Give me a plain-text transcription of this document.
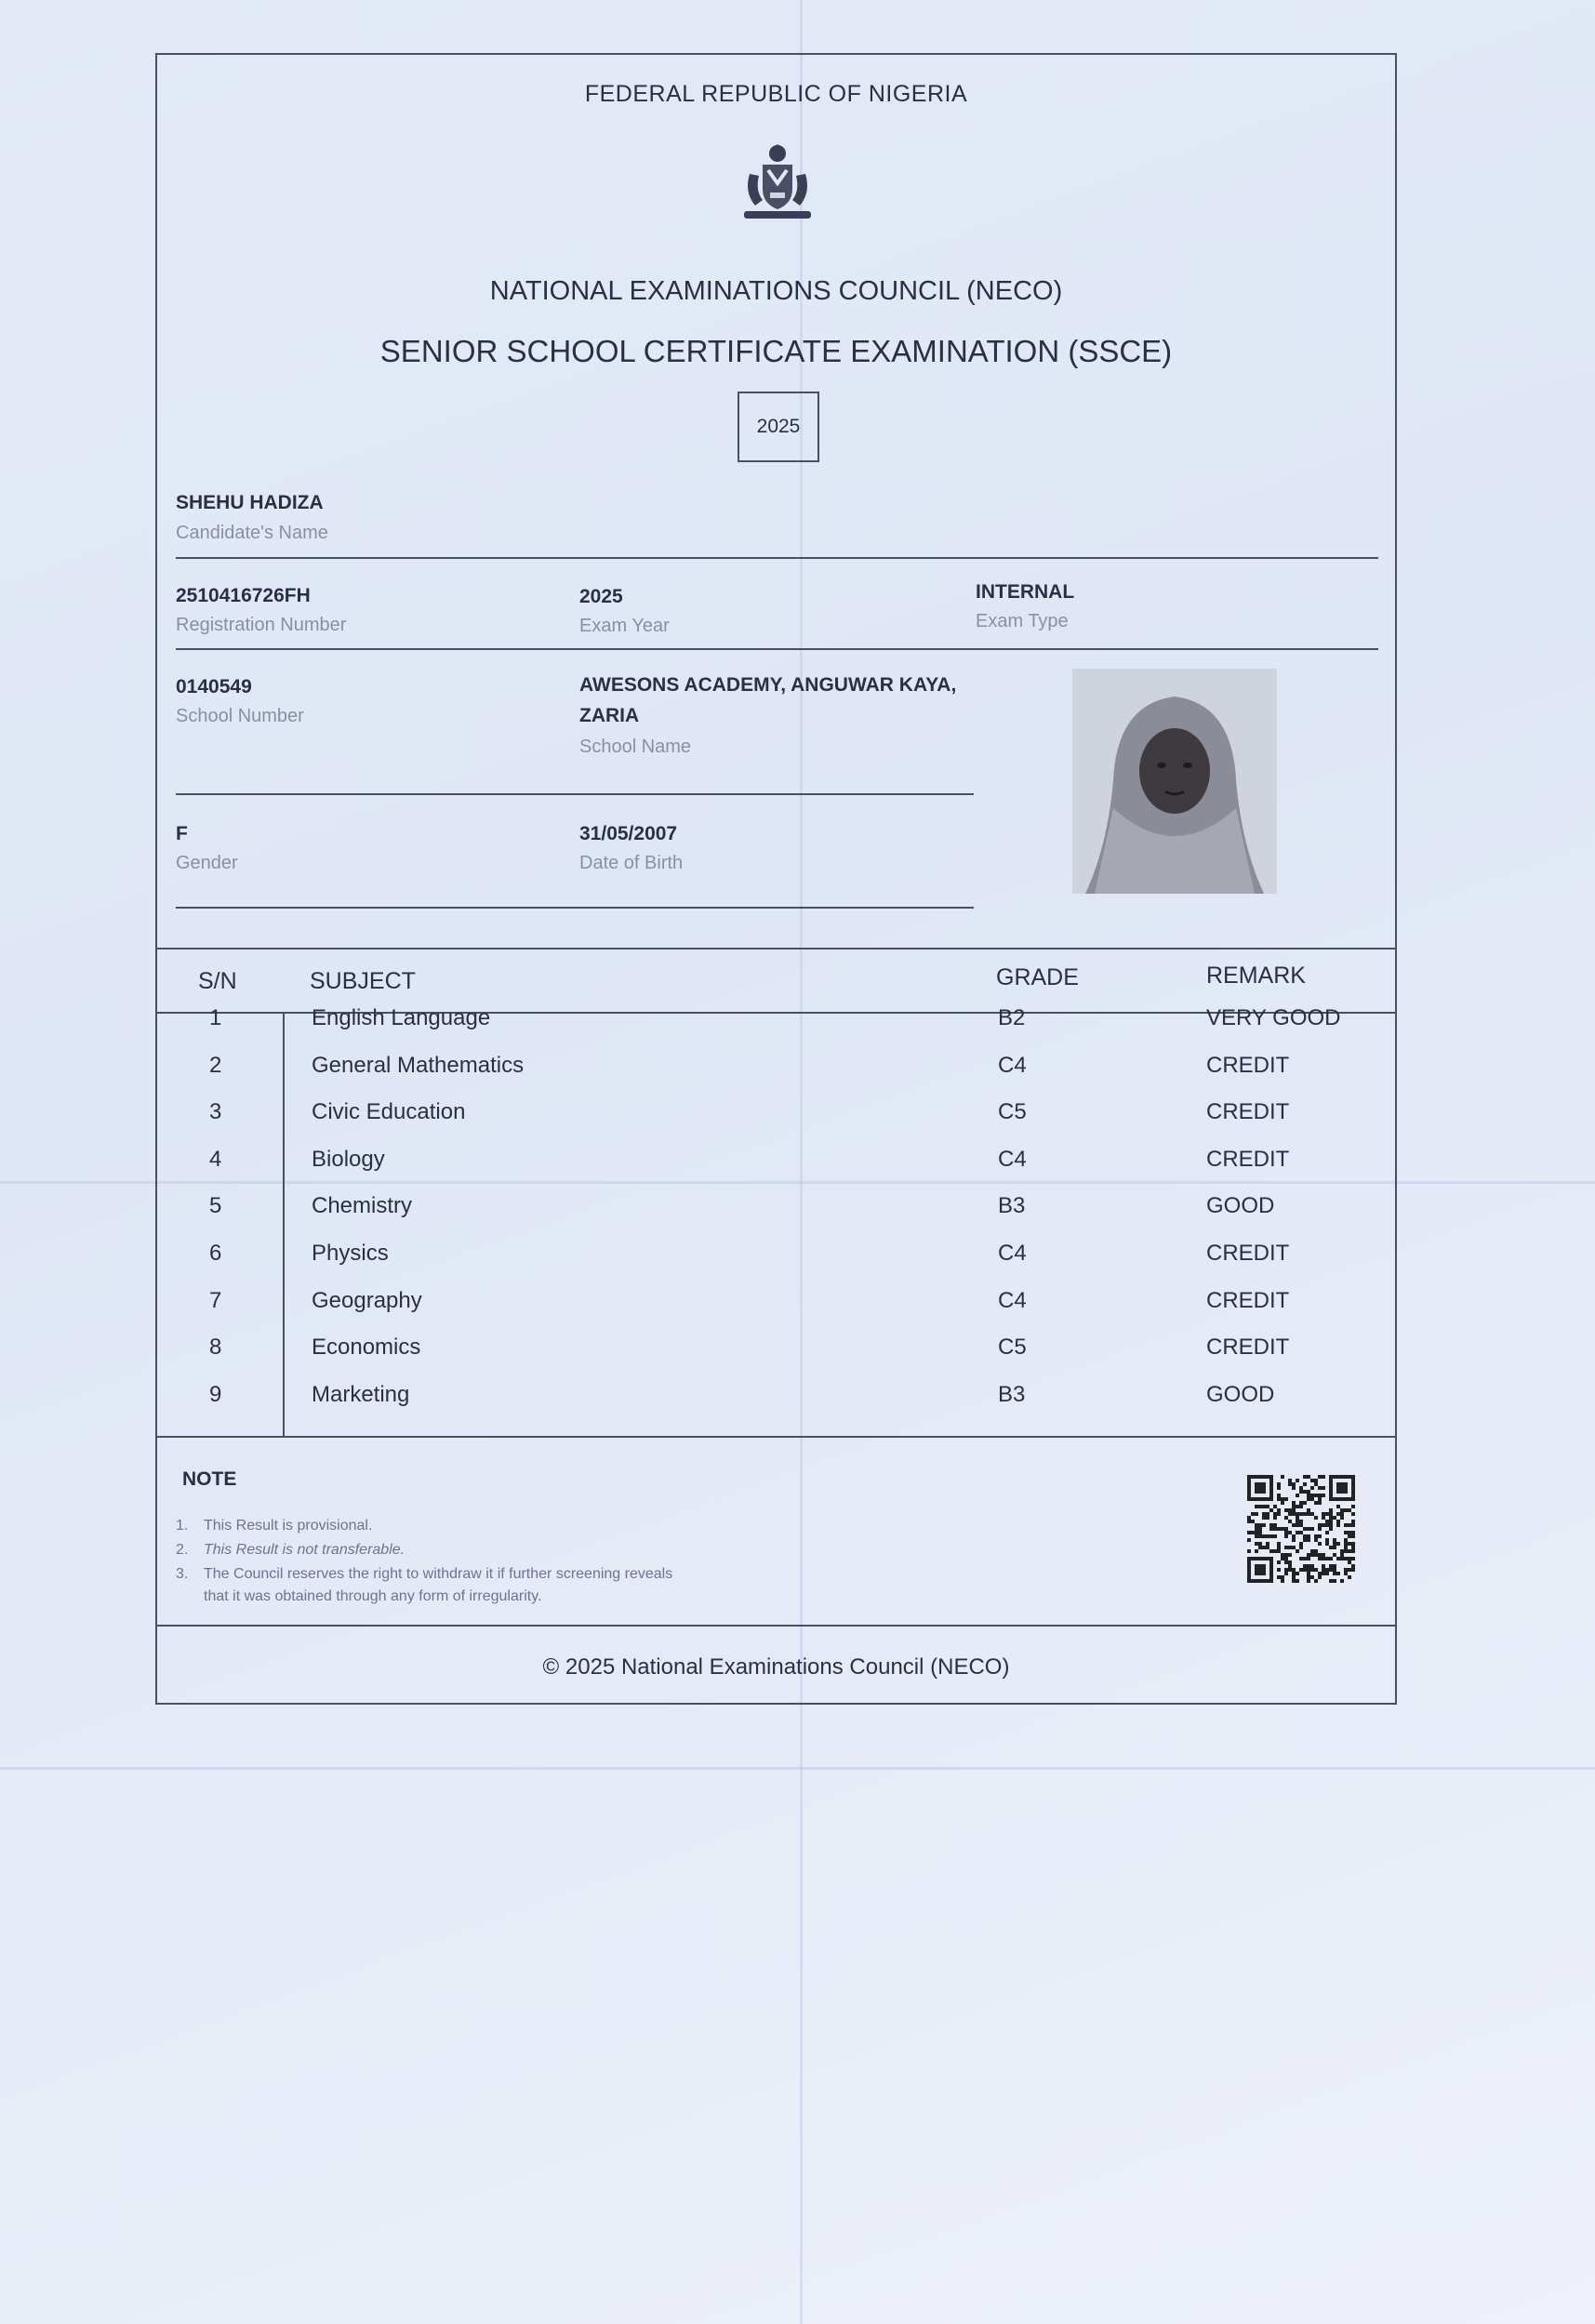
FEDERAL REPUBLIC OF NIGERIA
NATIONAL EXAMINATIONS COUNCIL (NECO)
SENIOR SCHOOL CERTIFICATE EXAMINATION (SSCE)
2025
SHEHU HADIZA
Candidate's Name
2510416726FH
Registration Number
2025
Exam Year
INTERNAL
Exam Type
0140549
School Number
AWESONS ACADEMY, ANGUWAR KAYA,
ZARIA
School Name
F
Gender
31/05/2007
Date of Birth
S/N	SUBJECT	GRADE	REMARK
1	English Language	B2	VERY GOOD
2	General Mathematics	C4	CREDIT
3	Civic Education	C5	CREDIT
4	Biology	C4	CREDIT
5	Chemistry	B3	GOOD
6	Physics	C4	CREDIT
7	Geography	C4	CREDIT
8	Economics	C5	CREDIT
9	Marketing	B3	GOOD
NOTE
1. This Result is provisional.
2. This Result is not transferable.
3. The Council reserves the right to withdraw it if further screening reveals
that it was obtained through any form of irregularity.
© 2025 National Examinations Council (NECO)
